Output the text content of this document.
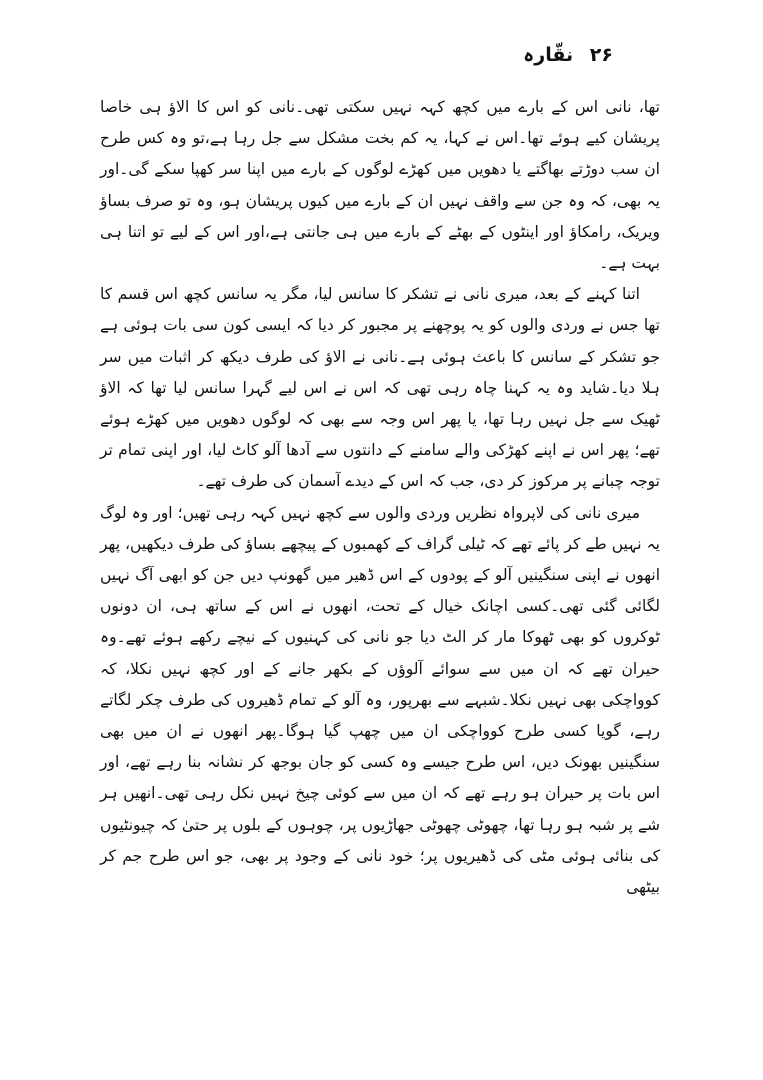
۲۶ نقّارہ

تھا، نانی اس کے بارے میں کچھ کہہ نہیں سکتی تھی۔نانی کو اس کا الاؤ ہی خاصا پریشان کیے ہوئے تھا۔اس نے کہا، یہ کم بخت مشکل سے جل رہا ہے،تو وہ کس طرح ان سب دوڑتے بھاگتے یا دھویں میں کھڑے لوگوں کے بارے میں اپنا سر کھپا سکے گی۔اور یہ بھی، کہ وہ جن سے واقف نہیں ان کے بارے میں کیوں پریشان ہو، وہ تو صرف بساؤ ویریک، رامکاؤ اور اینٹوں کے بھٹے کے بارے میں ہی جانتی ہے،اور اس کے لیے تو اتنا ہی بہت ہے۔

اتنا کہنے کے بعد، میری نانی نے تشکر کا سانس لیا، مگر یہ سانس کچھ اس قسم کا تھا جس نے وردی والوں کو یہ پوچھنے پر مجبور کر دیا کہ ایسی کون سی بات ہوئی ہے جو تشکر کے سانس کا باعث ہوئی ہے۔نانی نے الاؤ کی طرف دیکھ کر اثبات میں سر ہلا دیا۔شاید وہ یہ کہنا چاہ رہی تھی کہ اس نے اس لیے گہرا سانس لیا تھا کہ الاؤ ٹھیک سے جل نہیں رہا تھا، یا پھر اس وجہ سے بھی کہ لوگوں دھویں میں کھڑے ہوئے تھے؛ پھر اس نے اپنے کھڑکی والے سامنے کے دانتوں سے آدھا آلو کاٹ لیا، اور اپنی تمام تر توجہ چبانے پر مرکوز کر دی، جب کہ اس کے دیدے آسمان کی طرف تھے۔

میری نانی کی لاپرواہ نظریں وردی والوں سے کچھ نہیں کہہ رہی تھیں؛ اور وہ لوگ یہ نہیں طے کر پائے تھے کہ ٹیلی گراف کے کھمبوں کے پیچھے بساؤ کی طرف دیکھیں، پھر انھوں نے اپنی سنگینیں آلو کے پودوں کے اس ڈھیر میں گھونپ دیں جن کو ابھی آگ نہیں لگائی گئی تھی۔کسی اچانک خیال کے تحت، انھوں نے اس کے ساتھ ہی، ان دونوں ٹوکروں کو بھی ٹھوکا مار کر الٹ دیا جو نانی کی کہنیوں کے نیچے رکھے ہوئے تھے۔وہ حیران تھے کہ ان میں سے سوائے آلوؤں کے بکھر جانے کے اور کچھ نہیں نکلا، کہ کوواچکی بھی نہیں نکلا۔شبہے سے بھرپور، وہ آلو کے تمام ڈھیروں کی طرف چکر لگاتے رہے، گویا کسی طرح کوواچکی ان میں چھپ گیا ہوگا۔پھر انھوں نے ان میں بھی سنگینیں بھونک دیں، اس طرح جیسے وہ کسی کو جان بوجھ کر نشانہ بنا رہے تھے، اور اس بات پر حیران ہو رہے تھے کہ ان میں سے کوئی چیخ نہیں نکل رہی تھی۔انھیں ہر شے پر شبہ ہو رہا تھا، چھوٹی چھوٹی جھاڑیوں پر، چوہوں کے بلوں پر حتیٰ کہ چیونٹیوں کی بنائی ہوئی مٹی کی ڈھیریوں پر؛ خود نانی کے وجود پر بھی، جو اس طرح جم کر بیٹھی
